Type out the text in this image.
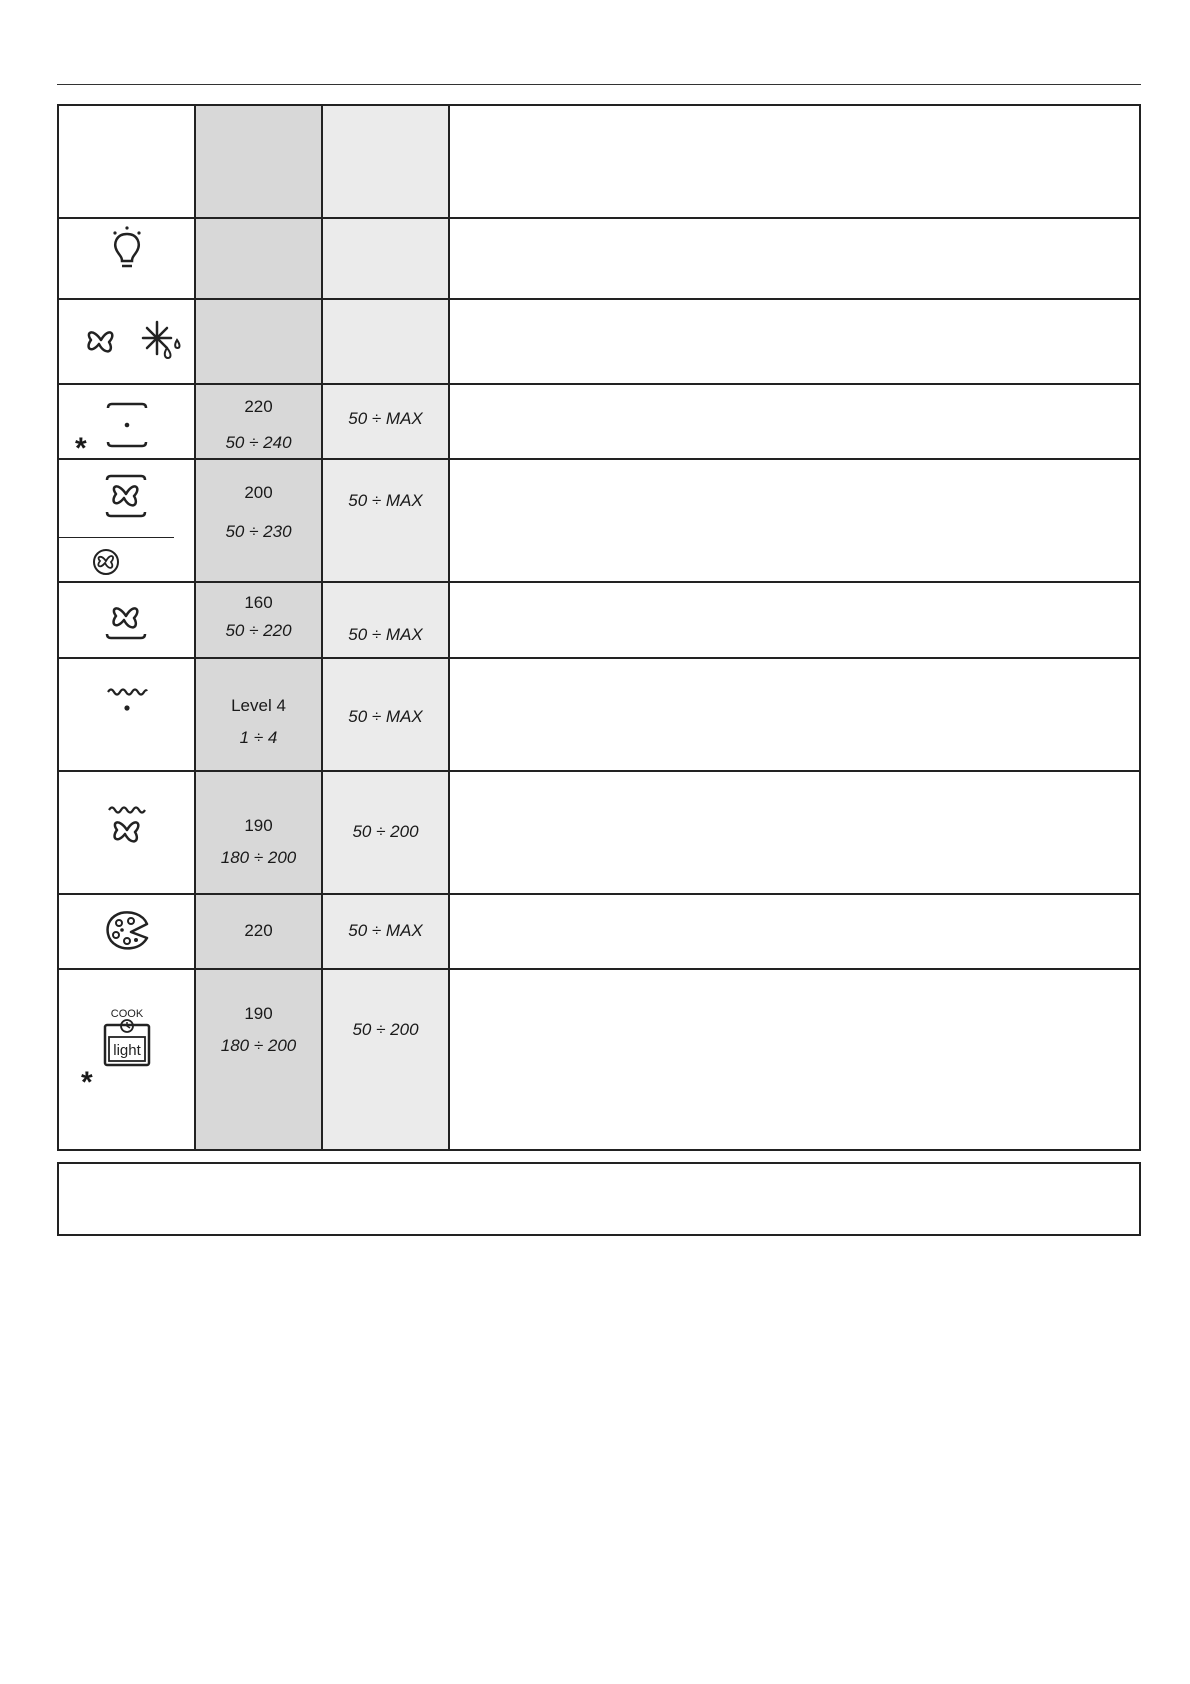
*
220
50 ÷ 240
50 ÷ MAX
200
50 ÷ 230
50 ÷ MAX
160
50 ÷ 220	50 ÷ MAX
Level 4
1 ÷ 4
50 ÷ MAX
190
180 ÷ 200
50 ÷ 200
220	50 ÷ MAX
COOK
light
*
190
180 ÷ 200
50 ÷ 200
